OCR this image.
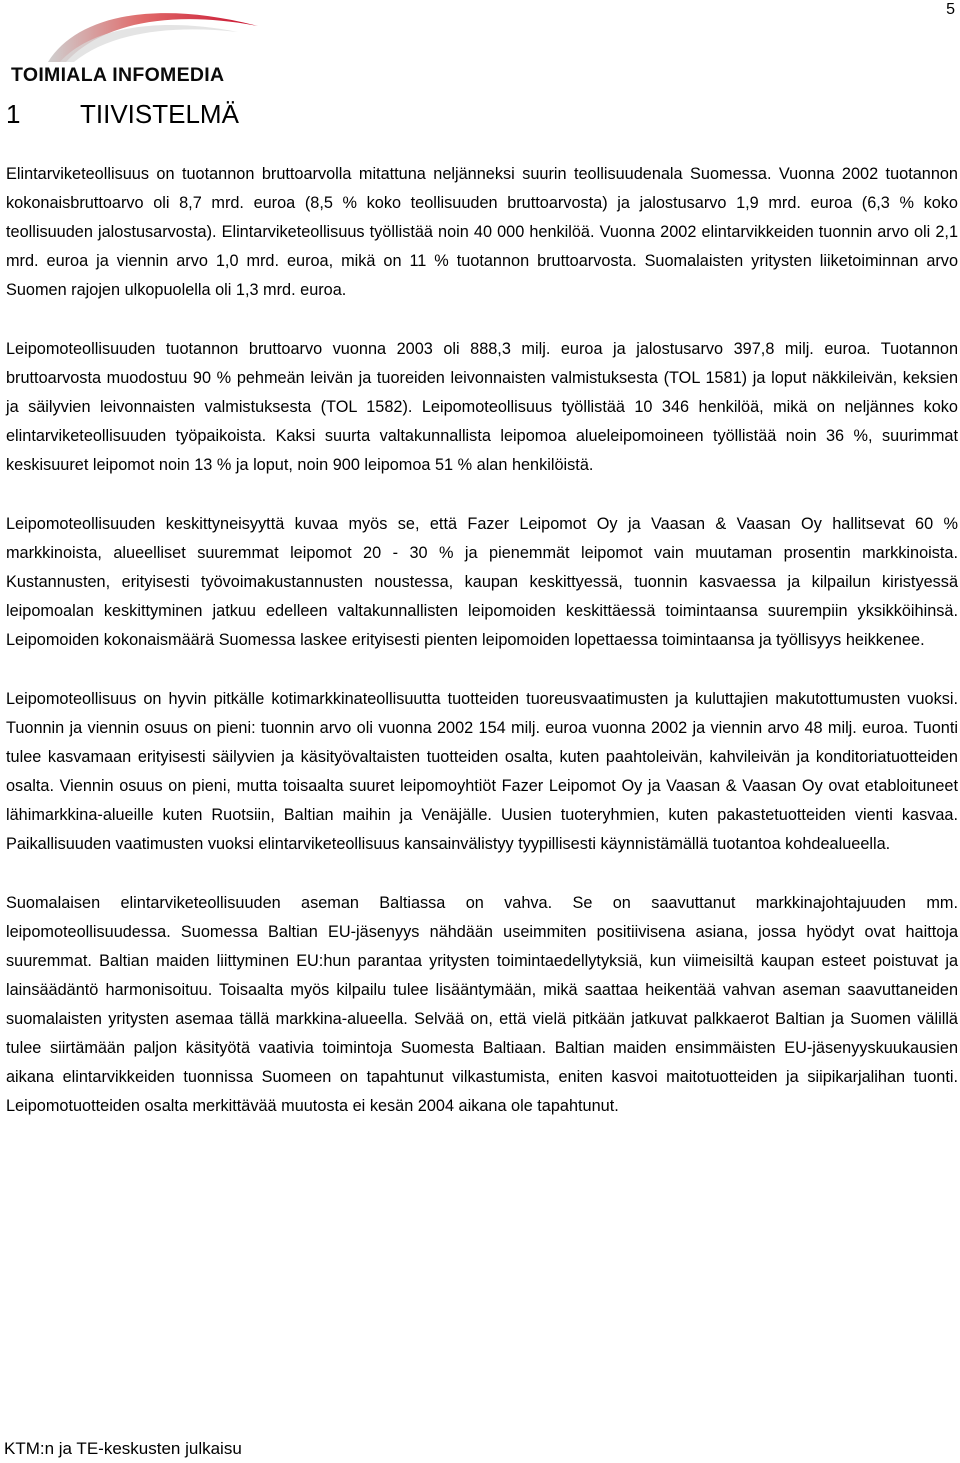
5
TOIMIALA INFOMEDIA
1 TIIVISTELMÄ

Elintarviketeollisuus on tuotannon bruttoarvolla mitattuna neljänneksi suurin teollisuudenala Suomessa. Vuonna 2002 tuotannon kokonaisbruttoarvo oli 8,7 mrd. euroa (8,5 % koko teollisuuden bruttoarvosta) ja jalostusarvo 1,9 mrd. euroa (6,3 % koko teollisuuden jalostusarvosta). Elintarviketeollisuus työllistää noin 40 000 henkilöä. Vuonna 2002 elintarvikkeiden tuonnin arvo oli 2,1 mrd. euroa ja viennin arvo 1,0 mrd. euroa, mikä on 11 % tuotannon bruttoarvosta. Suomalaisten yritysten liiketoiminnan arvo Suomen rajojen ulkopuolella oli 1,3 mrd. euroa.

Leipomoteollisuuden tuotannon bruttoarvo vuonna 2003 oli 888,3 milj. euroa ja jalostusarvo 397,8 milj. euroa. Tuotannon bruttoarvosta muodostuu 90 % pehmeän leivän ja tuoreiden leivonnaisten valmistuksesta (TOL 1581) ja loput näkkileivän, keksien ja säilyvien leivonnaisten valmistuksesta (TOL 1582). Leipomoteollisuus työllistää 10 346 henkilöä, mikä on neljännes koko elintarviketeollisuuden työpaikoista. Kaksi suurta valtakunnallista leipomoa alueleipomoineen työllistää noin 36 %, suurimmat keskisuuret leipomot noin 13 % ja loput, noin 900 leipomoa 51 % alan henkilöistä.

Leipomoteollisuuden keskittyneisyyttä kuvaa myös se, että Fazer Leipomot Oy ja Vaasan & Vaasan Oy hallitsevat 60 % markkinoista, alueelliset suuremmat leipomot 20 - 30 % ja pienemmät leipomot vain muutaman prosentin markkinoista. Kustannusten, erityisesti työvoimakustannusten noustessa, kaupan keskittyessä, tuonnin kasvaessa ja kilpailun kiristyessä leipomoalan keskittyminen jatkuu edelleen valtakunnallisten leipomoiden keskittäessä toimintaansa suurempiin yksikköihinsä. Leipomoiden kokonaismäärä Suomessa laskee erityisesti pienten leipomoiden lopettaessa toimintaansa ja työllisyys heikkenee.

Leipomoteollisuus on hyvin pitkälle kotimarkkinateollisuutta tuotteiden tuoreusvaatimusten ja kuluttajien makutottumusten vuoksi. Tuonnin ja viennin osuus on pieni: tuonnin arvo oli vuonna 2002 154 milj. euroa vuonna 2002 ja viennin arvo 48 milj. euroa. Tuonti tulee kasvamaan erityisesti säilyvien ja käsityövaltaisten tuotteiden osalta, kuten paahtoleivän, kahvileivän ja konditoriatuotteiden osalta. Viennin osuus on pieni, mutta toisaalta suuret leipomoyhtiöt Fazer Leipomot Oy ja Vaasan & Vaasan Oy ovat etabloituneet lähimarkkina-alueille kuten Ruotsiin, Baltian maihin ja Venäjälle. Uusien tuoteryhmien, kuten pakastetuotteiden vienti kasvaa. Paikallisuuden vaatimusten vuoksi elintarviketeollisuus kansainvälistyy tyypillisesti käynnistämällä tuotantoa kohdealueella.

Suomalaisen elintarviketeollisuuden aseman Baltiassa on vahva. Se on saavuttanut markkinajohtajuuden mm. leipomoteollisuudessa. Suomessa Baltian EU-jäsenyys nähdään useimmiten positiivisena asiana, jossa hyödyt ovat haittoja suuremmat. Baltian maiden liittyminen EU:hun parantaa yritysten toimintaedellytyksiä, kun viimeisiltä kaupan esteet poistuvat ja lainsäädäntö harmonisoituu. Toisaalta myös kilpailu tulee lisääntymään, mikä saattaa heikentää vahvan aseman saavuttaneiden suomalaisten yritysten asemaa tällä markkina-alueella. Selvää on, että vielä pitkään jatkuvat palkkaerot Baltian ja Suomen välillä tulee siirtämään paljon käsityötä vaativia toimintoja Suomesta Baltiaan. Baltian maiden ensimmäisten EU-jäsenyyskuukausien aikana elintarvikkeiden tuonnissa Suomeen on tapahtunut vilkastumista, eniten kasvoi maitotuotteiden ja siipikarjalihan tuonti. Leipomotuotteiden osalta merkittävää muutosta ei kesän 2004 aikana ole tapahtunut.

KTM:n ja TE-keskusten julkaisu
